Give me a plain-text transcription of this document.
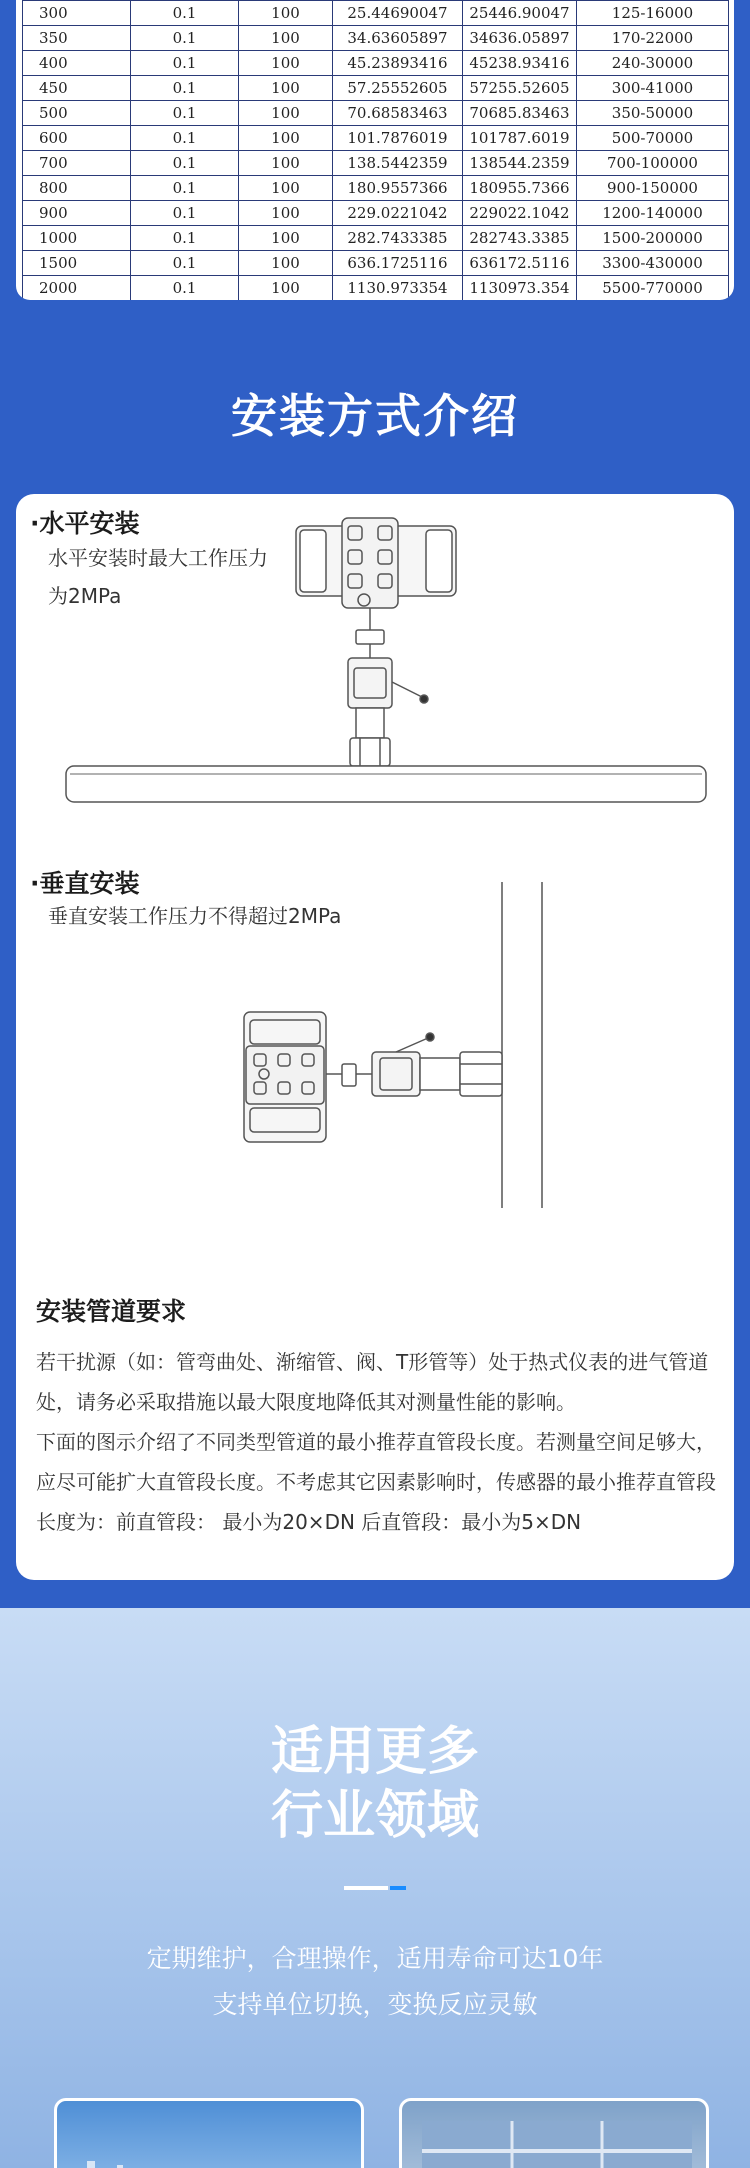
300	0.1	100	25.44690047	25446.90047	125-16000
350	0.1	100	34.63605897	34636.05897	170-22000
400	0.1	100	45.23893416	45238.93416	240-30000
450	0.1	100	57.25552605	57255.52605	300-41000
500	0.1	100	70.68583463	70685.83463	350-50000
600	0.1	100	101.7876019	101787.6019	500-70000
700	0.1	100	138.5442359	138544.2359	700-100000
800	0.1	100	180.9557366	180955.7366	900-150000
900	0.1	100	229.0221042	229022.1042	1200-140000
1000	0.1	100	282.7433385	282743.3385	1500-200000
1500	0.1	100	636.1725116	636172.5116	3300-430000
2000	0.1	100	1130.973354	1130973.354	5500-770000
安装方式介绍
·水平安装
水平安装时最大工作压力
为2MPa
·垂直安装
垂直安装工作压力不得超过2MPa
安装管道要求

若干扰源（如：管弯曲处、渐缩管、阀、T形管等）处于热式仪表的进气管道处，请务必采取措施以最大限度地降低其对测量性能的影响。

下面的图示介绍了不同类型管道的最小推荐直管段长度。若测量空间足够大，应尽可能扩大直管段长度。不考虑其它因素影响时，传感器的最小推荐直管段长度为：前直管段： 最小为20×DN 后直管段：最小为5×DN

适用更多
行业领域
定期维护，合理操作，适用寿命可达10年
支持单位切换，变换反应灵敏
